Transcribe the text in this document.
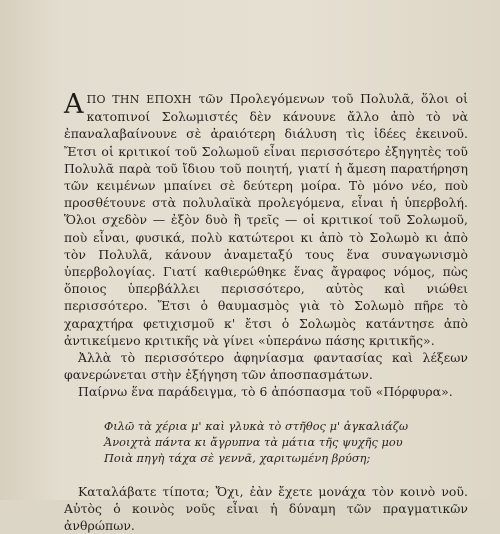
ΑΠΟ ΤΗΝ ΕΠΟΧΗ τῶν Προλεγόμενων τοῦ Πολυλᾶ, ὅλοι οἱ κατοπινοί Σολωμιστές δὲν κάνουνε ἄλλο ἀπὸ τὸ νὰ ἐπαναλαβαίνουνε σὲ ἀραιότερη διάλυση τὶς ἰδέες ἐκεινοῦ. Ἔτσι οἱ κριτικοί τοῦ Σολωμοῦ εἶναι περισσότερο ἐξηγητὲς τοῦ Πολυλᾶ παρὰ τοῦ ἴδιου τοῦ ποιητή, γιατί ἡ ἄμεση παρατήρηση τῶν κειμένων μπαίνει σὲ δεύτερη μοίρα. Τὸ μόνο νέο, ποὺ προσθέτουνε στὰ πολυλαϊκὰ προλεγόμενα, εἶναι ἡ ὑπερβολή. Ὅλοι σχεδὸν — ἐξὸν δυὸ ἢ τρεῖς — οἱ κριτικοί τοῦ Σολωμοῦ, ποὺ εἶναι, φυσικά, πολὺ κατώτεροι κι ἀπὸ τὸ Σολωμὸ κι ἀπὸ τὸν Πολυλᾶ, κάνουν ἀναμεταξύ τους ἕνα συναγωνισμὸ ὑπερβολογίας. Γιατί καθιερώθηκε ἕνας ἄγραφος νόμος, πὼς ὅποιος ὑπερβάλλει περισσότερο, αὐτὸς καὶ νιώθει περισσότερο. Ἔτσι ὁ θαυμασμὸς γιὰ τὸ Σολωμὸ πῆρε τὸ χαραχτήρα φετιχισμοῦ κ' ἔτσι ὁ Σολωμὸς κατάντησε ἀπὸ ἀντικείμενο κριτικῆς νὰ γίνει «ὑπεράνω πάσης κριτικῆς».

Ἀλλὰ τὸ περισσότερο ἀφηνίασμα φαντασίας καὶ λέξεων φανερώνεται στὴν ἐξήγηση τῶν ἀποσπασμάτων.

Παίρνω ἕνα παράδειγμα, τὸ 6 ἀπόσπασμα τοῦ «Πόρφυρα».

Φιλῶ τὰ χέρια μ' καὶ γλυκὰ τὸ στῆθος μ' ἀγκαλιάζω
Ἀνοιχτὰ πάντα κι ἄγρυπνα τὰ μάτια τῆς ψυχῆς μου
Ποιὰ πηγὴ τάχα σὲ γεννᾶ, χαριτωμένη βρύση;

Καταλάβατε τίποτα; Ὄχι, ἐὰν ἔχετε μονάχα τὸν κοινὸ νοῦ. Αὐτὸς ὁ κοινὸς νοῦς εἶναι ἡ δύναμη τῶν πραγματικῶν ἀνθρώπων.
